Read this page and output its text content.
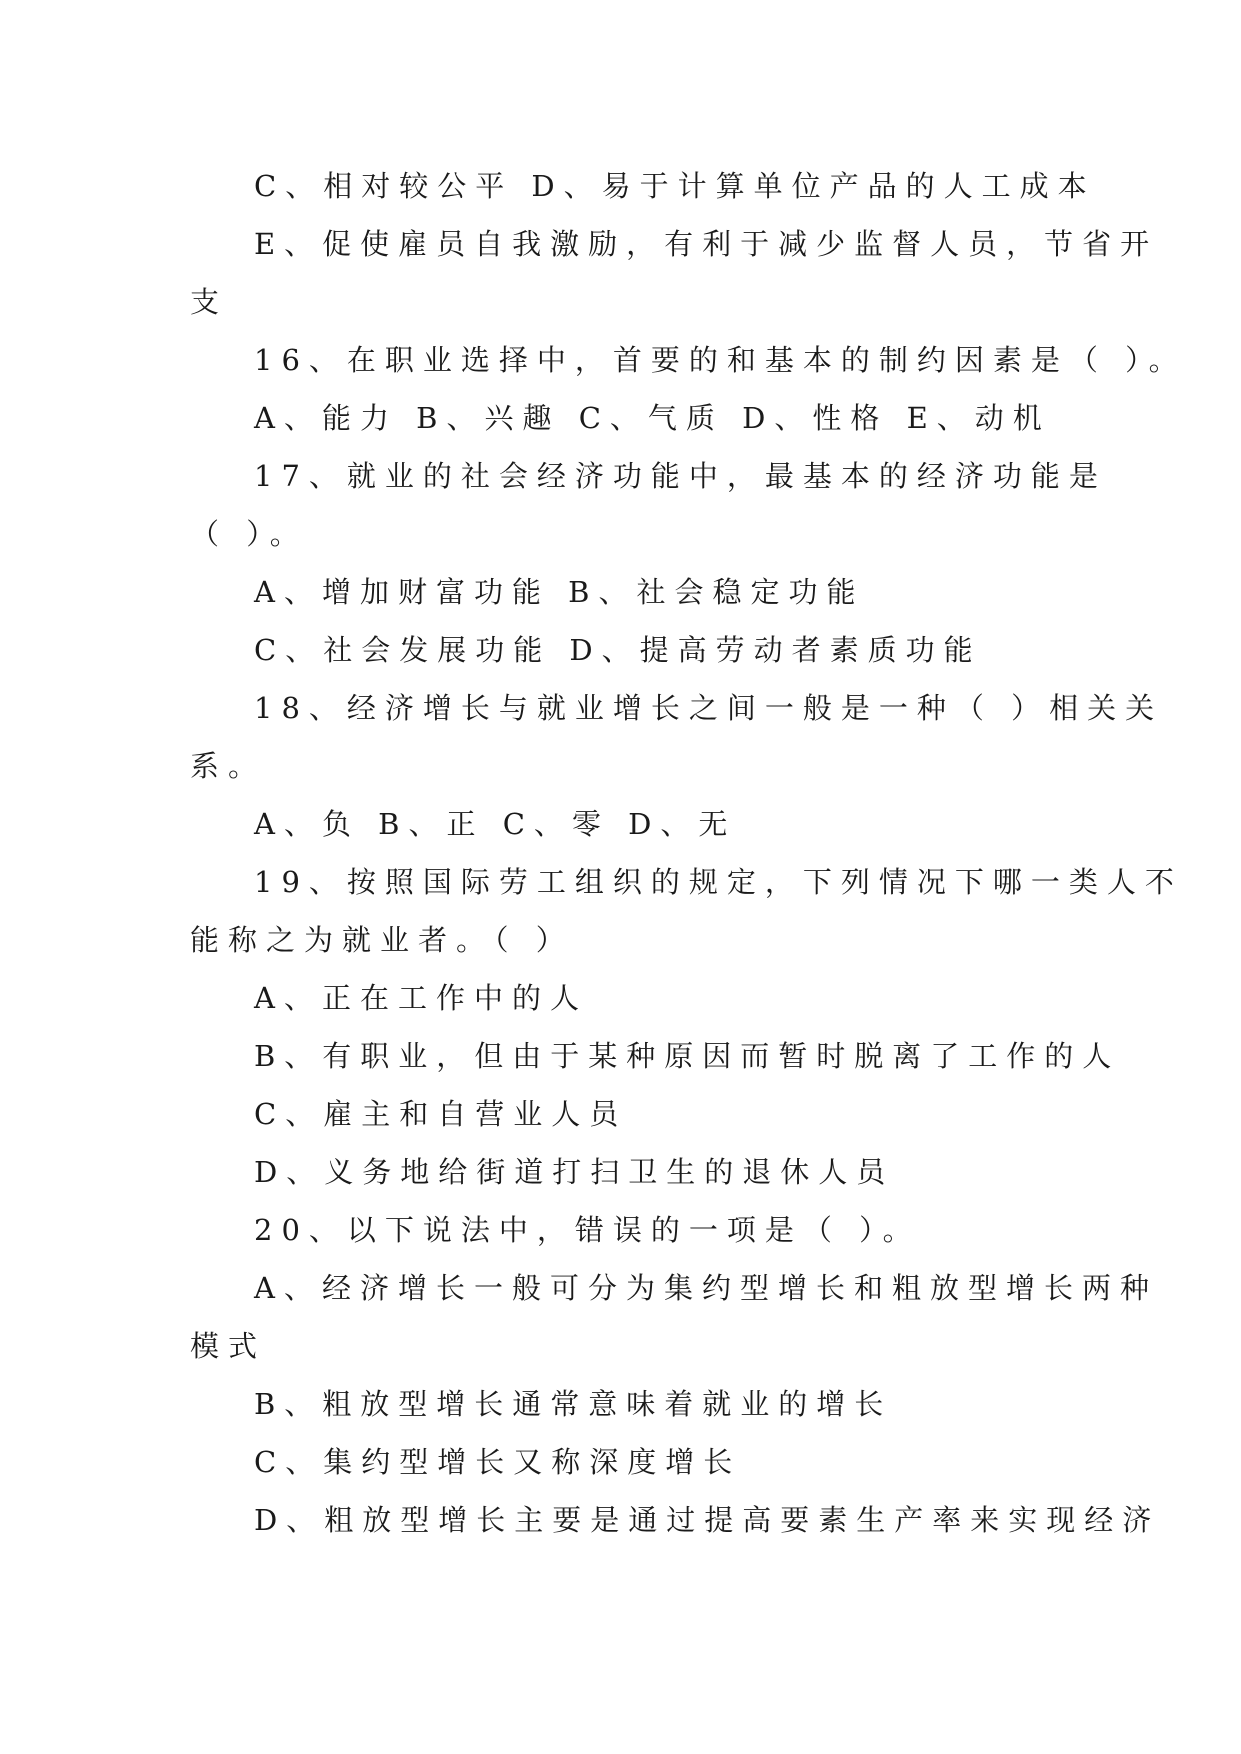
C、相对较公平 D、易于计算单位产品的人工成本
E、促使雇员自我激励，有利于减少监督人员，节省开
支
16、在职业选择中，首要的和基本的制约因素是（ ）。
A、能力 B、兴趣 C、气质 D、性格 E、动机
17、就业的社会经济功能中，最基本的经济功能是
（ ）。
A、增加财富功能 B、社会稳定功能
C、社会发展功能 D、提高劳动者素质功能
18、经济增长与就业增长之间一般是一种（ ）相关关
系。
A、负 B、正 C、零 D、无
19、按照国际劳工组织的规定，下列情况下哪一类人不
能称之为就业者。（ ）
A、正在工作中的人
B、有职业，但由于某种原因而暂时脱离了工作的人
C、雇主和自营业人员
D、义务地给街道打扫卫生的退休人员
20、以下说法中，错误的一项是（ ）。
A、经济增长一般可分为集约型增长和粗放型增长两种
模式
B、粗放型增长通常意味着就业的增长
C、集约型增长又称深度增长
D、粗放型增长主要是通过提高要素生产率来实现经济
